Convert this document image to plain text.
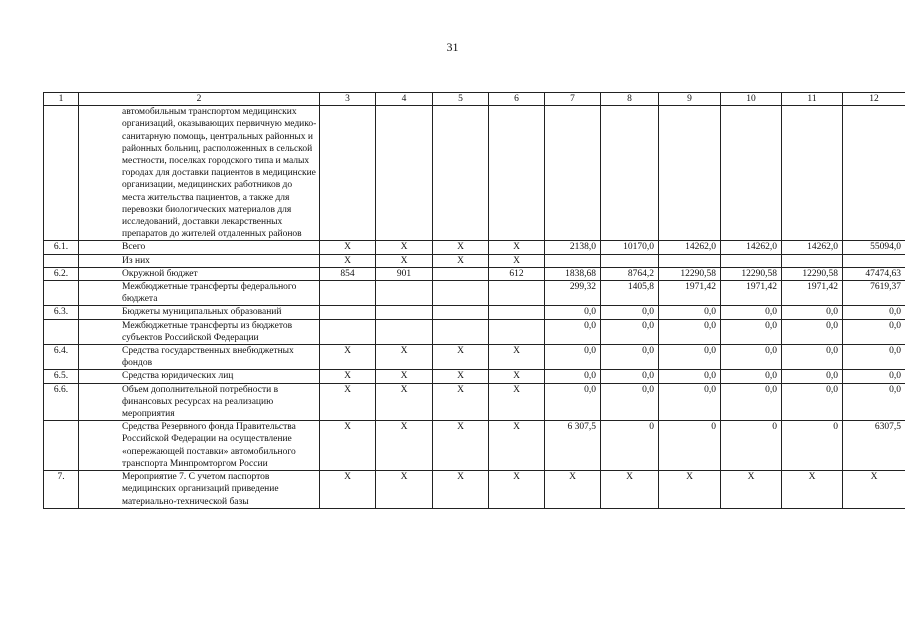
31
1	2	3	4	5	6	7	8	9	10	11	12
	автомобильным транспортом медицинских организаций, оказывающих первичную медико-санитарную помощь, центральных районных и районных больниц, расположенных в сельской местности, поселках городского типа и малых городах для доставки пациентов в медицинские организации, медицинских работников до места жительства пациентов, а также для перевозки биологических материалов для исследований, доставки лекарственных препаратов до жителей отдаленных районов										
6.1.	Всего	Х	Х	Х	Х	2138,0	10170,0	14262,0	14262,0	14262,0	55094,0
	Из них	Х	Х	Х	Х						
6.2.	Окружной бюджет	854	901		612	1838,68	8764,2	12290,58	12290,58	12290,58	47474,63
	Межбюджетные трансферты федерального бюджета					299,32	1405,8	1971,42	1971,42	1971,42	7619,37
6.3.	Бюджеты муниципальных образований					0,0	0,0	0,0	0,0	0,0	0,0
	Межбюджетные трансферты из бюджетов субъектов Российской Федерации					0,0	0,0	0,0	0,0	0,0	0,0
6.4.	Средства государственных внебюджетных фондов	Х	Х	Х	Х	0,0	0,0	0,0	0,0	0,0	0,0
6.5.	Средства юридических лиц	Х	Х	Х	Х	0,0	0,0	0,0	0,0	0,0	0,0
6.6.	Объем дополнительной потребности в финансовых ресурсах на реализацию мероприятия	Х	Х	Х	Х	0,0	0,0	0,0	0,0	0,0	0,0
	Средства Резервного фонда Правительства Российской Федерации на осуществление «опережающей поставки» автомобильного транспорта Минпромторгом России	Х	Х	Х	Х	6 307,5	0	0	0	0	6307,5
7.	Мероприятие 7. С учетом паспортов медицинских организаций приведение материально-технической базы	Х	Х	Х	Х	Х	Х	Х	Х	Х	Х
